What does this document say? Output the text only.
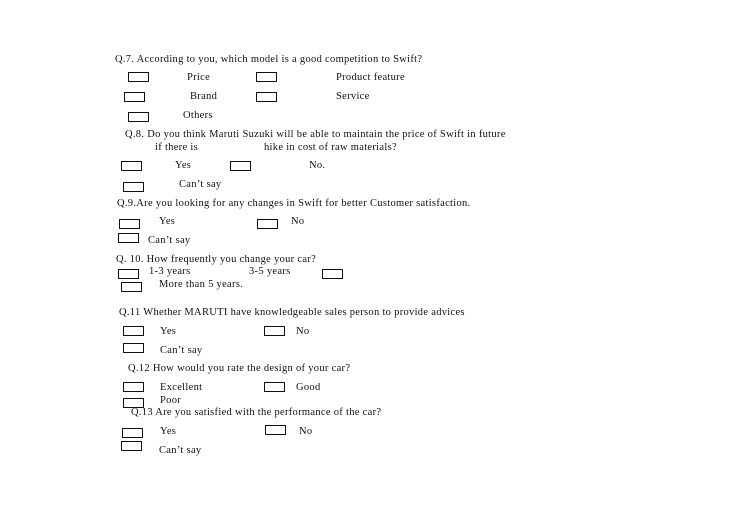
Q.7. According to you, which model is a good competition to Swift?
Price	Product feature
Brand	Service
Others
Q.8. Do you think Maruti Suzuki will be able to maintain the price of Swift in future
if there is	hike in cost of raw materials?
Yes	No.
Can’t say
Q.9.Are you looking for any changes in Swift for better Customer satisfaction.
Yes	No
Can’t say
Q. 10. How frequently you change your car?
1-3 years	3-5 years
More than 5 years.
Q.11 Whether MARUTI have knowledgeable sales person to provide advices
Yes	No
Can’t say
Q.12 How would you rate the design of your car?
Excellent	Good
Poor
Q.13 Are you satisfied with the performance of the car?
Yes	No
Can’t say
